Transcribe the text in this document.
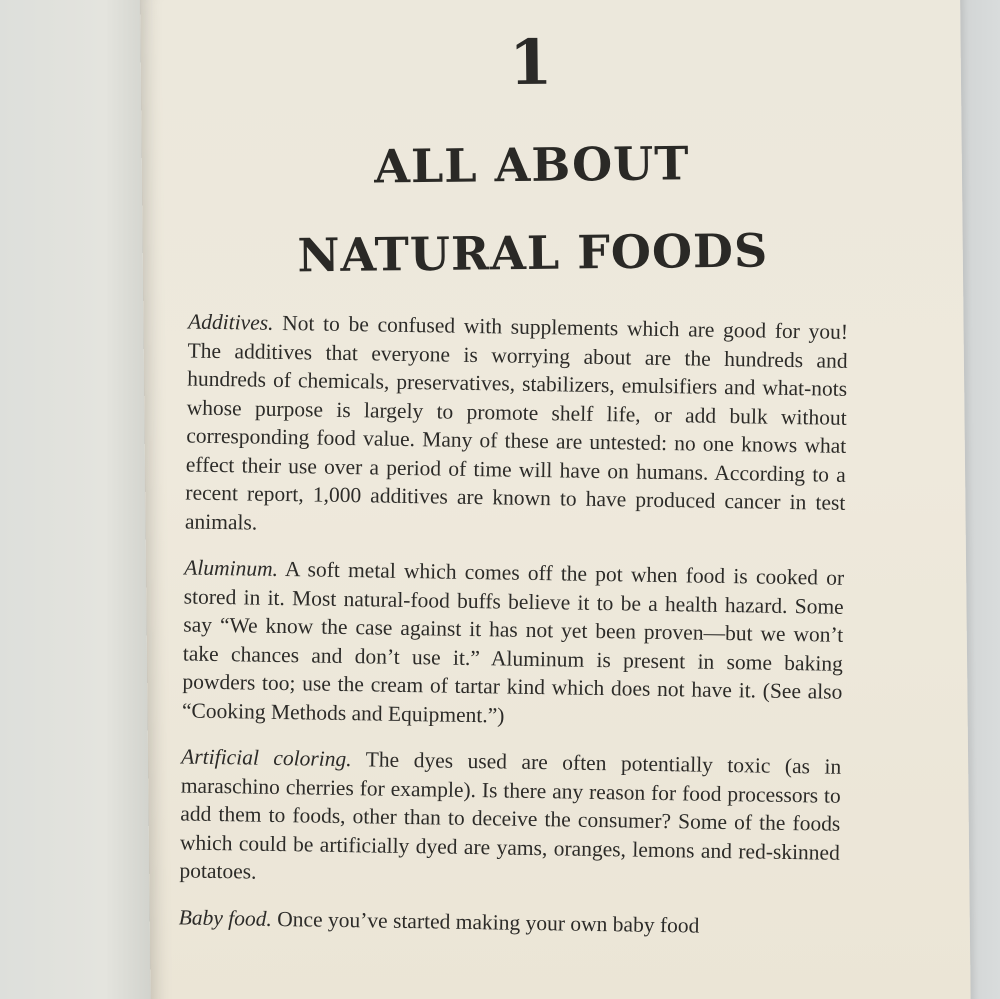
1
ALL ABOUT
NATURAL FOODS

Additives. Not to be confused with supplements which are good for you! The additives that everyone is worrying about are the hundreds and hundreds of chemicals, preservatives, stabilizers, emulsifiers and what-nots whose purpose is largely to promote shelf life, or add bulk without corresponding food value. Many of these are untested: no one knows what effect their use over a period of time will have on humans. According to a recent report, 1,000 additives are known to have produced cancer in test animals.

Aluminum. A soft metal which comes off the pot when food is cooked or stored in it. Most natural-food buffs believe it to be a health hazard. Some say “We know the case against it has not yet been proven—but we won’t take chances and don’t use it.” Aluminum is present in some baking powders too; use the cream of tartar kind which does not have it. (See also “Cooking Methods and Equipment.”)

Artificial coloring. The dyes used are often potentially toxic (as in maraschino cherries for example). Is there any reason for food processors to add them to foods, other than to deceive the consumer? Some of the foods which could be artificially dyed are yams, oranges, lemons and red-skinned potatoes.

Baby food. Once you’ve started making your own baby food
